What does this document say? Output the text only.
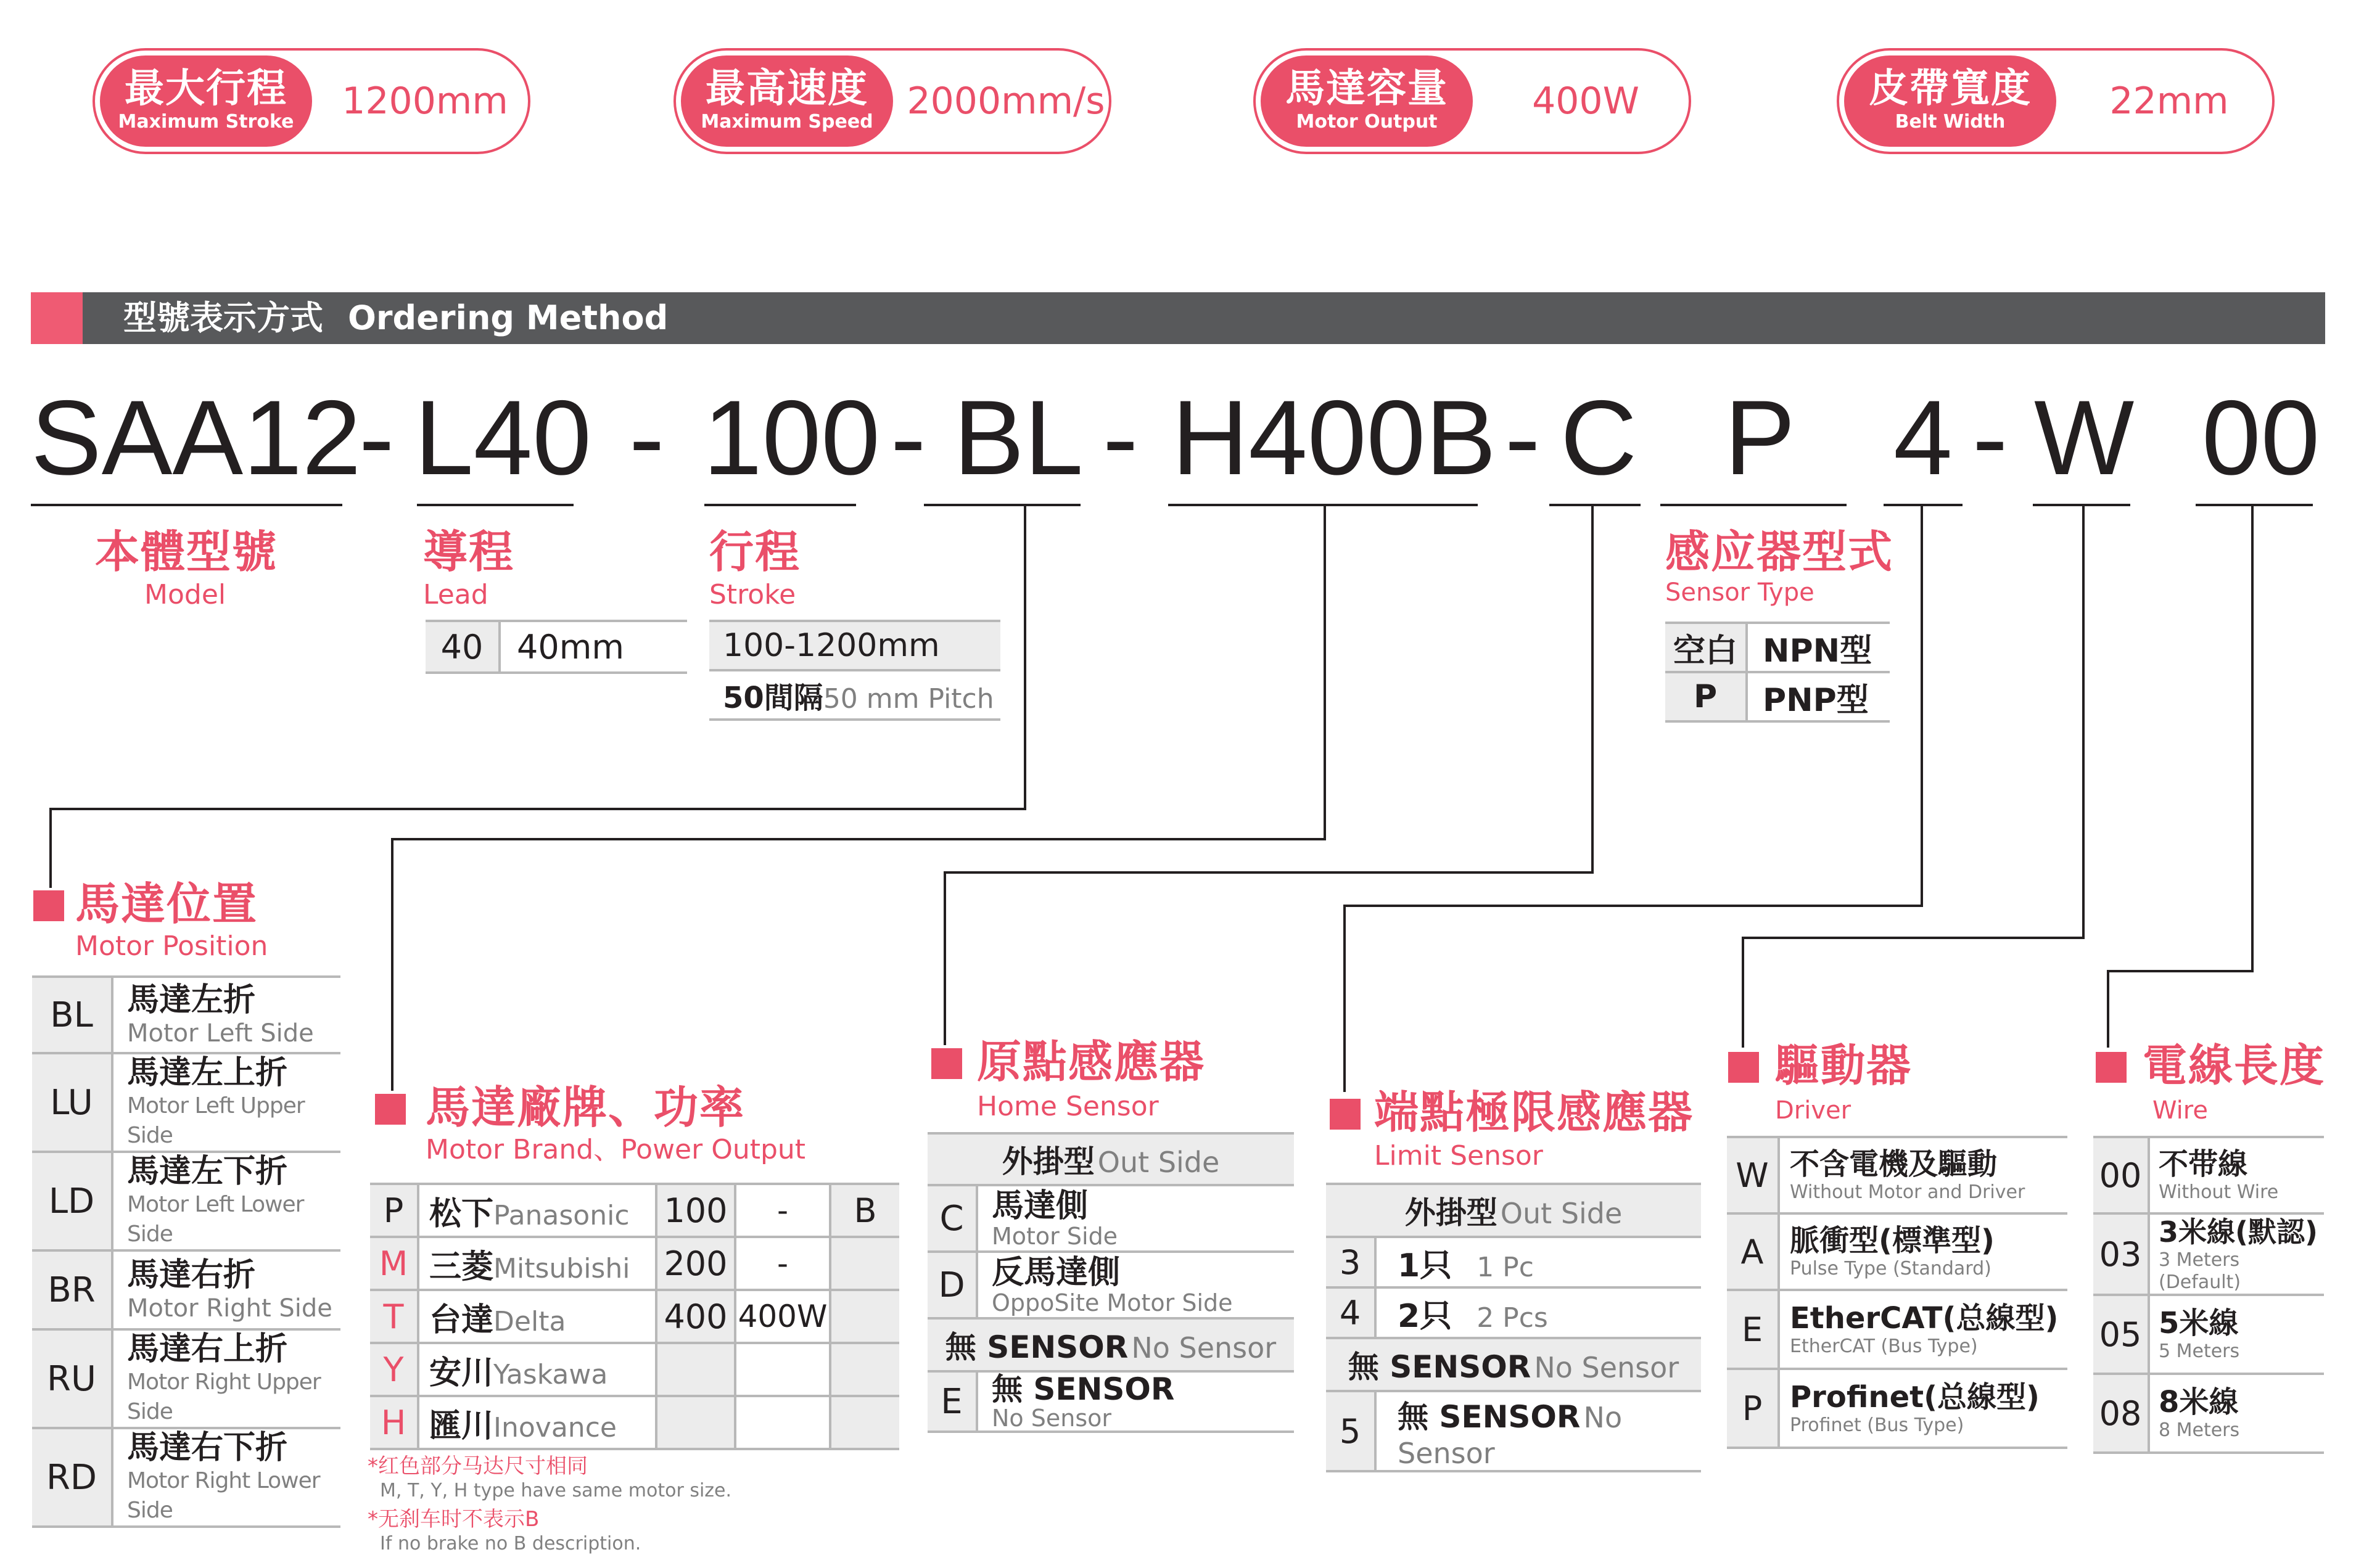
最大行程
Maximum Stroke	1200mm	最高速度
Maximum Speed 2000mm/s	馬達容量
Motor Output	400W	皮帶寬度
Belt Width	22mm
型號表示方式 Ordering Method
SAA12
- L40 - 100 - BL - H400B - C P 4 - W 00
本體型號
Model
導程
Lead
40	40mm
行程
Stroke
100-1200mm
50間隔50 mm Pitch
感应器型式
Sensor Type
空白	NPN型
P	PNP型
馬達位置
Motor Position
BL	馬達左折
Motor Left Side

LU	馬達左上折
Motor Left Upper Side

LD	馬達左下折
Motor Left Lower Side

BR	馬達右折
Motor Right Side

RU	馬達右上折
Motor Right Upper Side

RD	馬達右下折
Motor Right Lower Side
馬達廠牌、功率
Motor Brand、Power Output
P	松下Panasonic	100	-	B
M	三菱Mitsubishi	200	-	
T	台達Delta	400	400W	
Y	安川Yaskawa			
H	匯川Inovance			
*红色部分马达尺寸相同
M, T, Y, H type have same motor size.
*无刹车时不表示B
If no brake no B description.
原點感應器
Home Sensor
外掛型 Out Side	
C	馬達側
Motor Side

D	反馬達側
OppoSite Motor Side

無 SENSOR No Sensor	
E	無 SENSOR
No Sensor
端點極限感應器
Limit Sensor
外掛型 Out Side	
3	1只 1 Pc
4	2只 2 Pcs
無 SENSOR No Sensor	
5	無 SENSOR No Sensor
驅動器
Driver
W	不含電機及驅動
Without Motor and Driver

A	脈衝型(標準型)
Pulse Type (Standard)

E	EtherCAT(总線型)
EtherCAT (Bus Type)

P	Profinet(总線型)
Profinet (Bus Type)
電線長度
Wire
00	不带線
Without Wire

03	3米線(默認)
3 Meters (Default)

05	5米線
5 Meters

08	8米線
8 Meters
